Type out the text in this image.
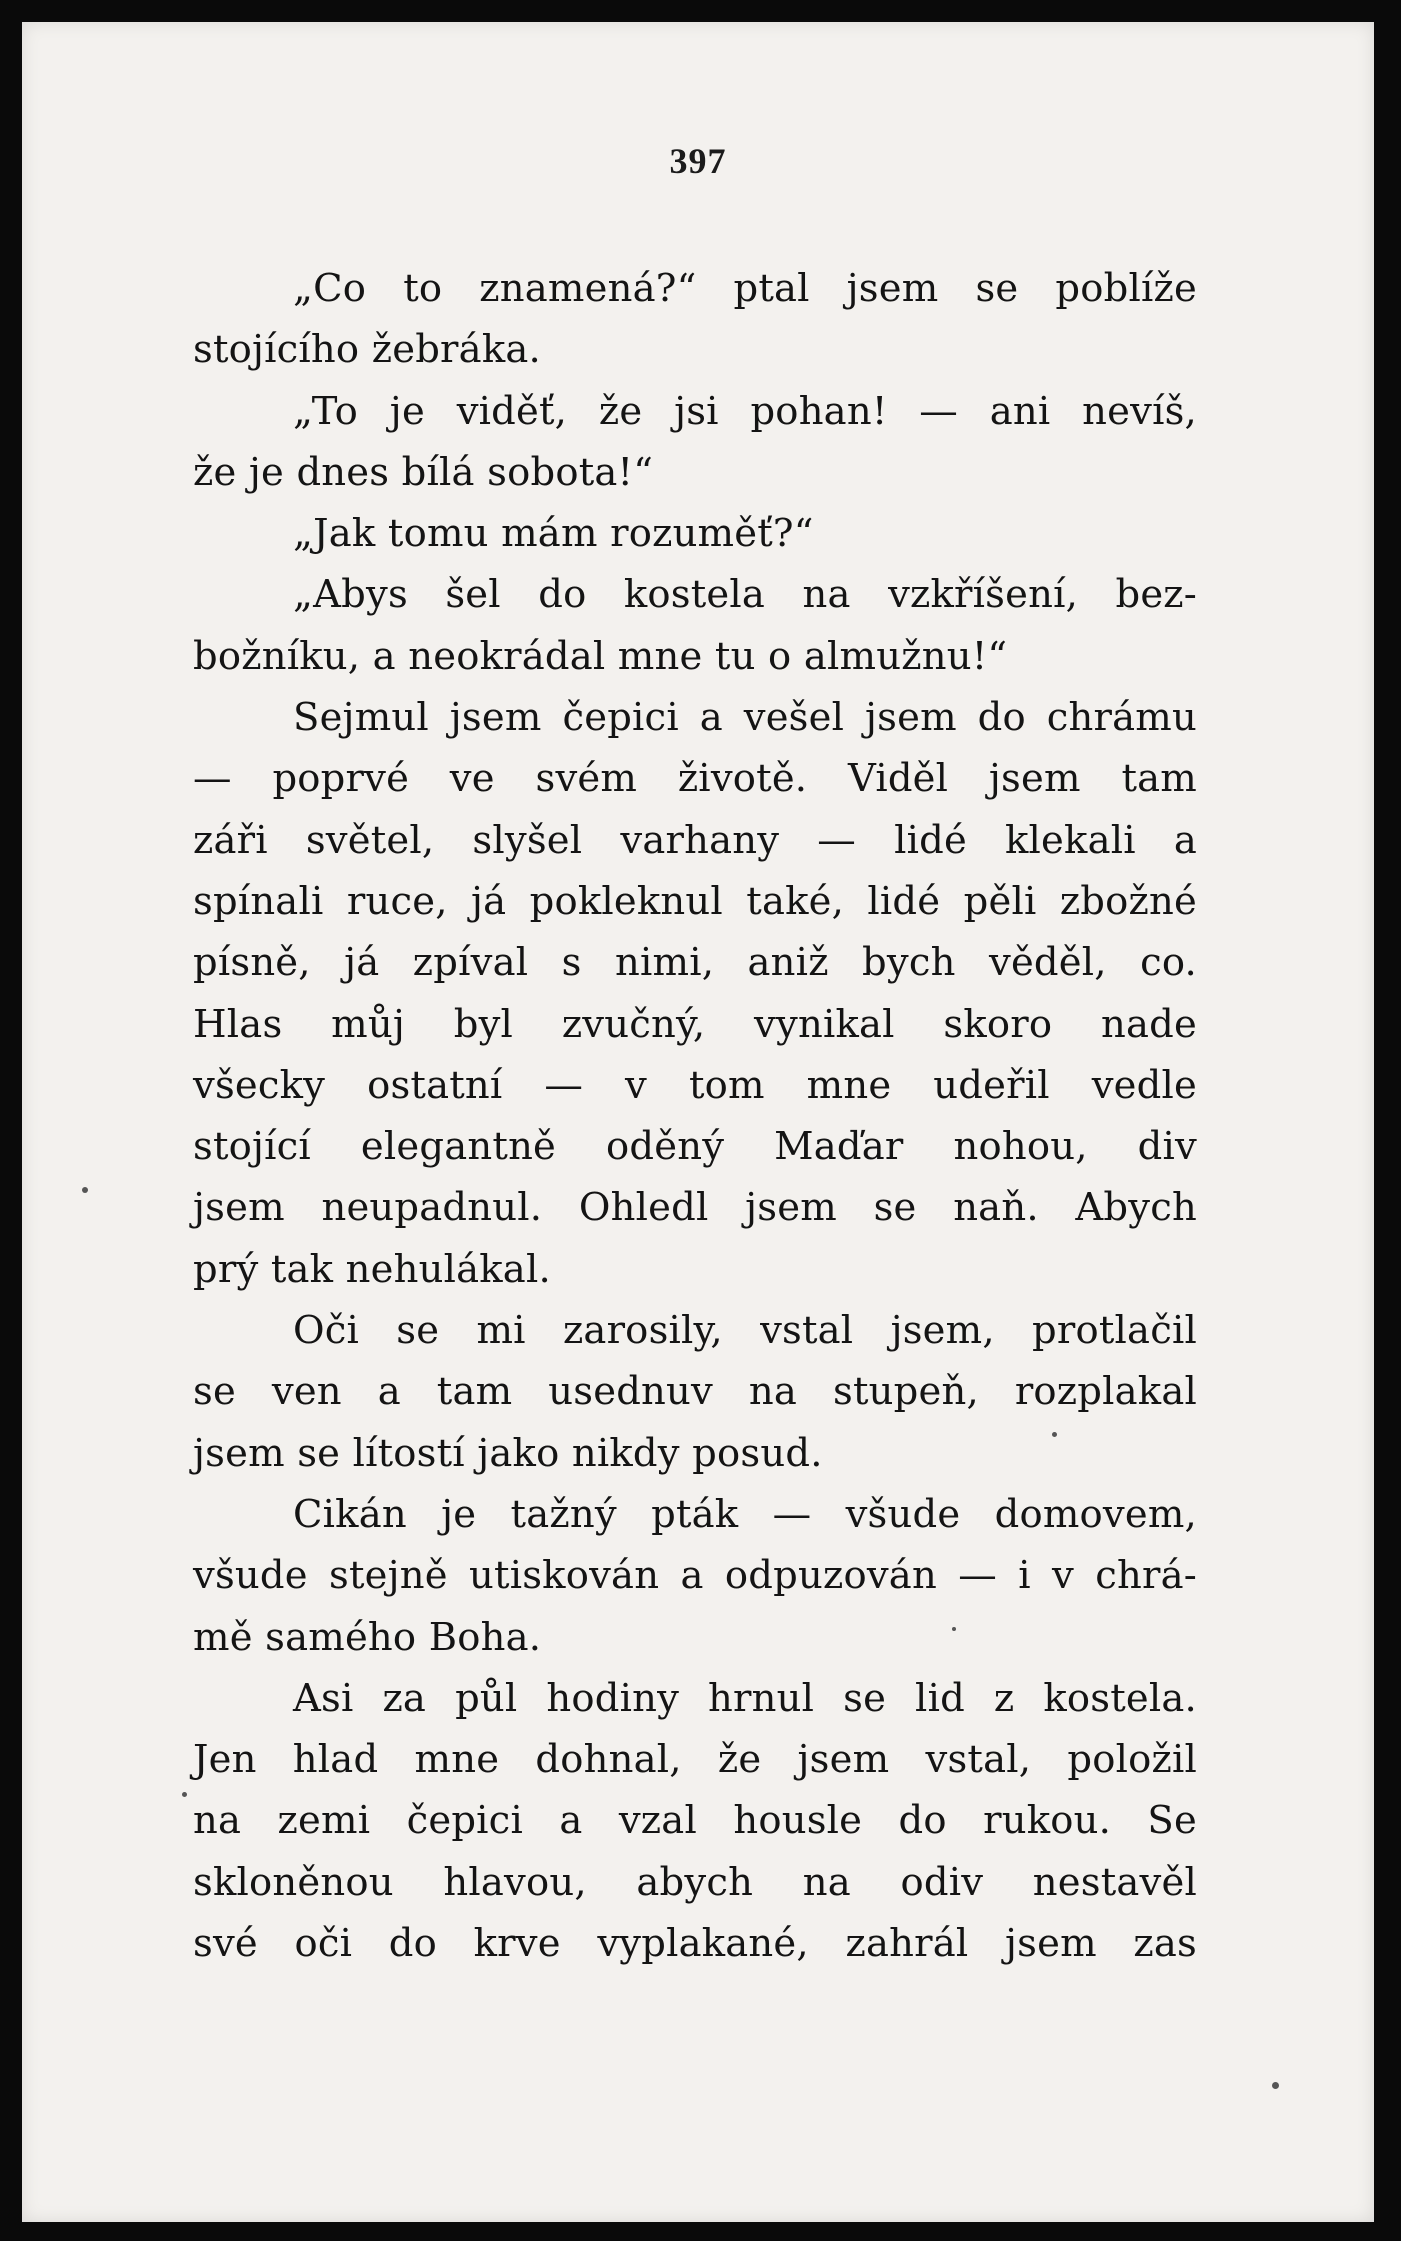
397
„Co to znamená?“ ptal jsem se poblíže
stojícího žebráka.
„To je viděť, že jsi pohan! — ani nevíš,
že je dnes bílá sobota!“
„Jak tomu mám rozuměť?“
„Abys šel do kostela na vzkříšení, bez-
božníku, a neokrádal mne tu o almužnu!“
Sejmul jsem čepici a vešel jsem do chrámu
— poprvé ve svém životě. Viděl jsem tam
záři světel, slyšel varhany — lidé klekali a
spínali ruce, já pokleknul také, lidé pěli zbožné
písně, já zpíval s nimi, aniž bych věděl, co.
Hlas můj byl zvučný, vynikal skoro nade
všecky ostatní — v tom mne udeřil vedle
stojící elegantně oděný Maďar nohou, div
jsem neupadnul. Ohledl jsem se naň. Abych
prý tak nehulákal.
Oči se mi zarosily, vstal jsem, protlačil
se ven a tam usednuv na stupeň, rozplakal
jsem se lítostí jako nikdy posud.
Cikán je tažný pták — všude domovem,
všude stejně utiskován a odpuzován — i v chrá-
mě samého Boha.
Asi za půl hodiny hrnul se lid z kostela.
Jen hlad mne dohnal, že jsem vstal, položil
na zemi čepici a vzal housle do rukou. Se
skloněnou hlavou, abych na odiv nestavěl
své oči do krve vyplakané, zahrál jsem zas
